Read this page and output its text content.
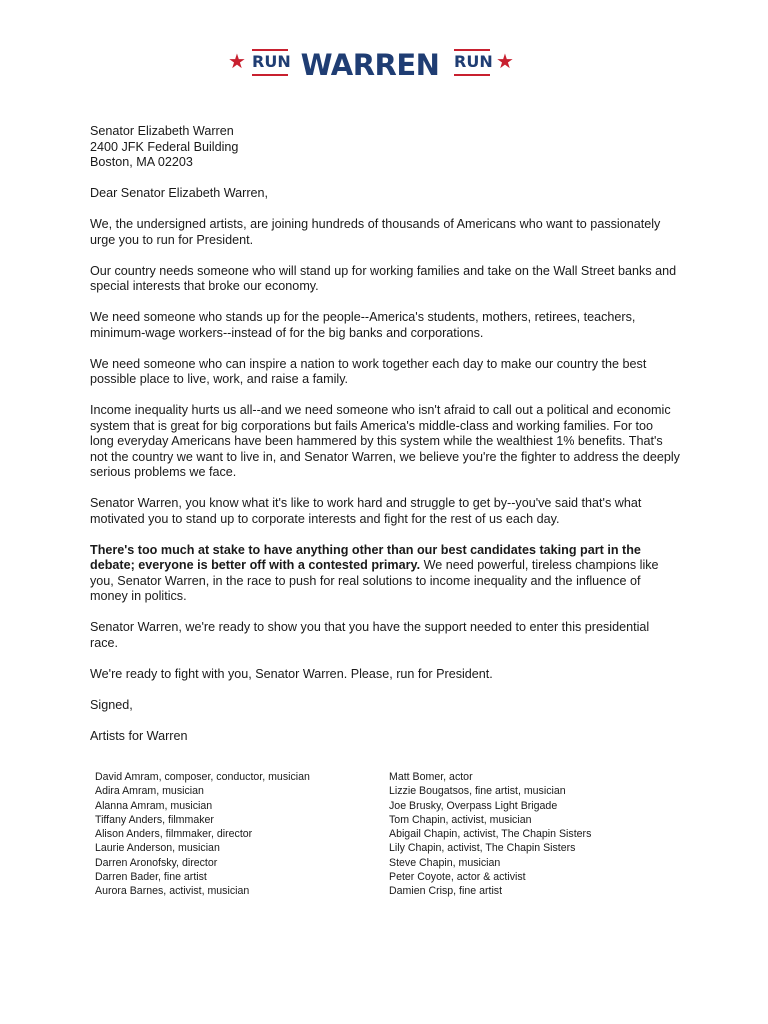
★ RUN WARREN RUN ★
Senator Elizabeth Warren
2400 JFK Federal Building
Boston, MA 02203

Dear Senator Elizabeth Warren,

We, the undersigned artists, are joining hundreds of thousands of Americans who want to passionately urge you to run for President.

Our country needs someone who will stand up for working families and take on the Wall Street banks and special interests that broke our economy.

We need someone who stands up for the people--America's students, mothers, retirees, teachers, minimum-wage workers--instead of for the big banks and corporations.

We need someone who can inspire a nation to work together each day to make our country the best possible place to live, work, and raise a family.

Income inequality hurts us all--and we need someone who isn't afraid to call out a political and economic system that is great for big corporations but fails America's middle-class and working families. For too long everyday Americans have been hammered by this system while the wealthiest 1% benefits. That's not the country we want to live in, and Senator Warren, we believe you're the fighter to address the deeply serious problems we face.

Senator Warren, you know what it's like to work hard and struggle to get by--you've said that's what motivated you to stand up to corporate interests and fight for the rest of us each day.

There's too much at stake to have anything other than our best candidates taking part in the debate; everyone is better off with a contested primary. We need powerful, tireless champions like you, Senator Warren, in the race to push for real solutions to income inequality and the influence of money in politics.

Senator Warren, we're ready to show you that you have the support needed to enter this presidential race.

We're ready to fight with you, Senator Warren. Please, run for President.

Signed,

Artists for Warren

David Amram, composer, conductor, musician
Adira Amram, musician
Alanna Amram, musician
Tiffany Anders, filmmaker
Alison Anders, filmmaker, director
Laurie Anderson, musician
Darren Aronofsky, director
Darren Bader, fine artist
Aurora Barnes, activist, musician
Matt Bomer, actor
Lizzie Bougatsos, fine artist, musician
Joe Brusky, Overpass Light Brigade
Tom Chapin, activist, musician
Abigail Chapin, activist, The Chapin Sisters
Lily Chapin, activist, The Chapin Sisters
Steve Chapin, musician
Peter Coyote, actor & activist
Damien Crisp, fine artist
